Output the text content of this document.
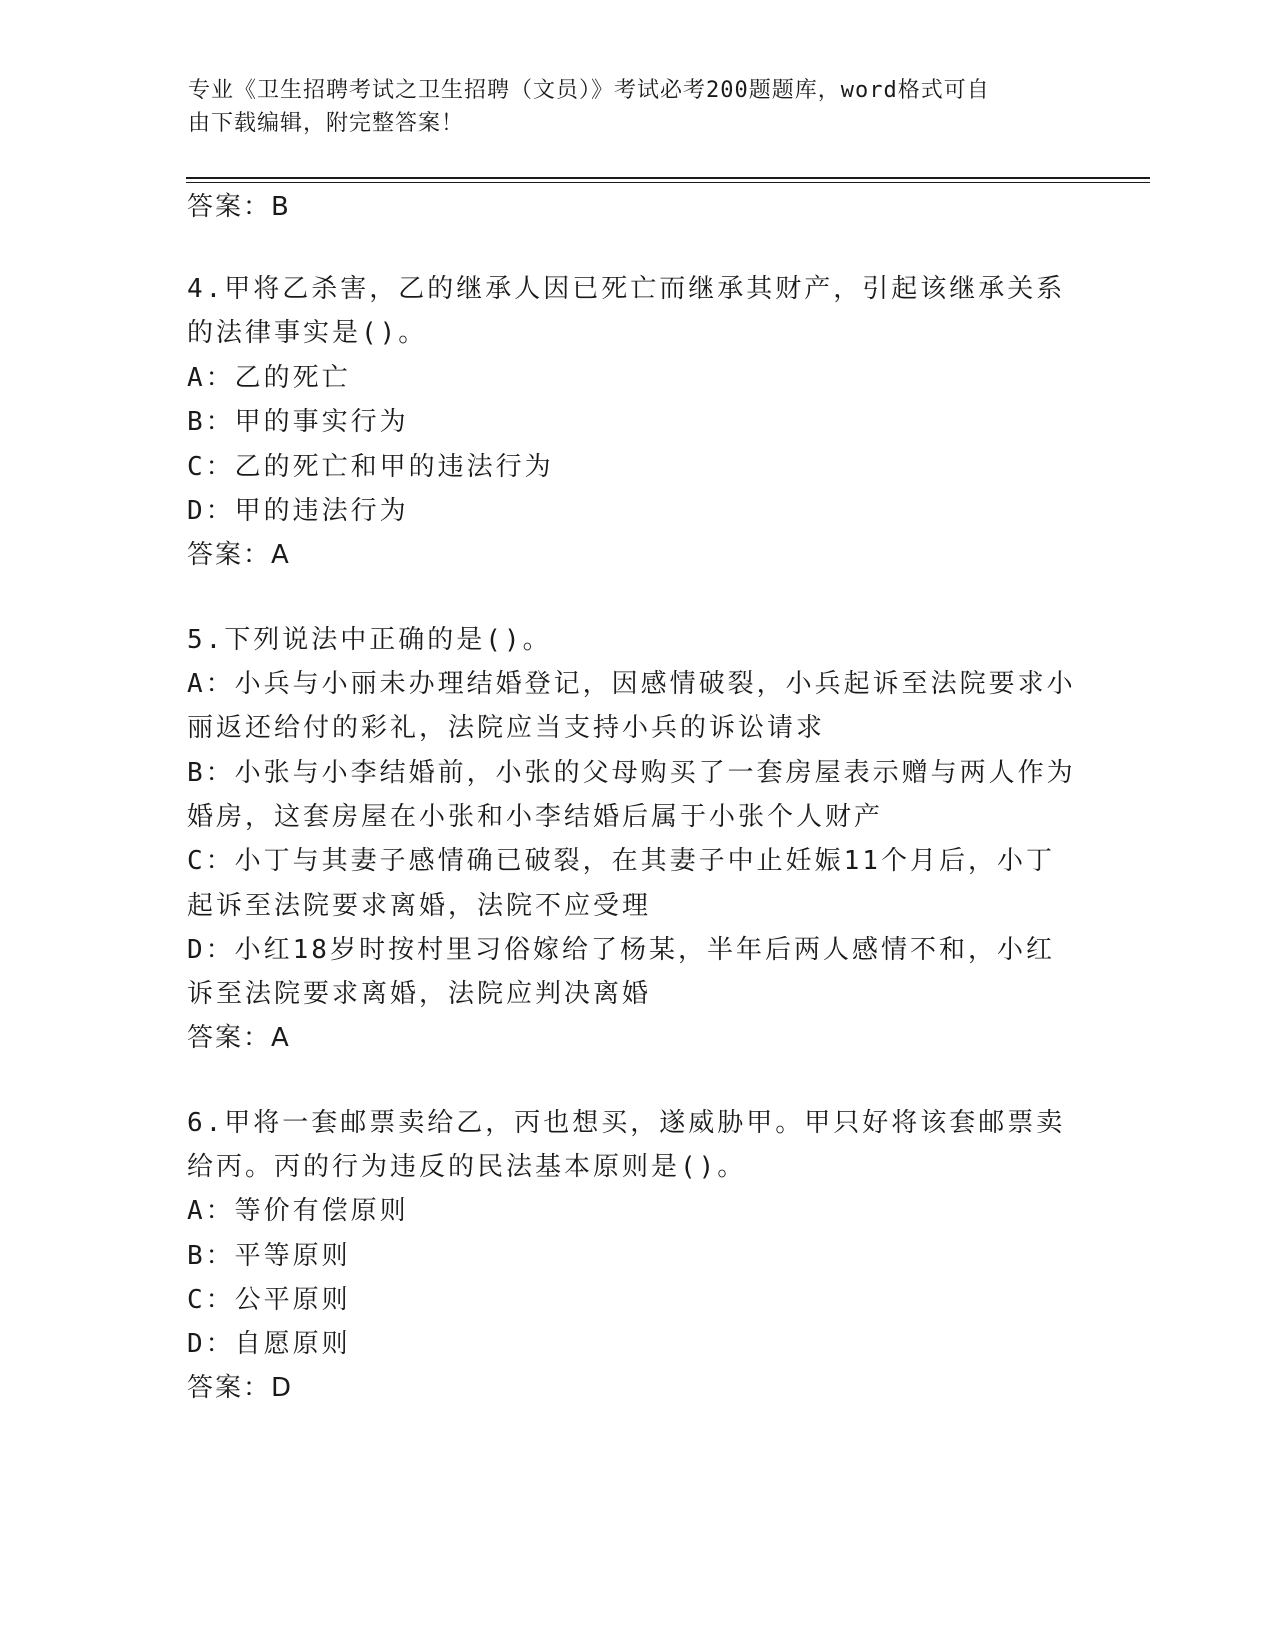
专业《卫生招聘考试之卫生招聘（文员）》考试必考200题题库，word格式可自
由下载编辑，附完整答案！
答案：B
4.甲将乙杀害，乙的继承人因已死亡而继承其财产，引起该继承关系
的法律事实是()。
A：乙的死亡
B：甲的事实行为
C：乙的死亡和甲的违法行为
D：甲的违法行为
答案：A
5.下列说法中正确的是()。
A：小兵与小丽未办理结婚登记，因感情破裂，小兵起诉至法院要求小
丽返还给付的彩礼，法院应当支持小兵的诉讼请求
B：小张与小李结婚前，小张的父母购买了一套房屋表示赠与两人作为
婚房，这套房屋在小张和小李结婚后属于小张个人财产
C：小丁与其妻子感情确已破裂，在其妻子中止妊娠11个月后，小丁
起诉至法院要求离婚，法院不应受理
D：小红18岁时按村里习俗嫁给了杨某，半年后两人感情不和，小红
诉至法院要求离婚，法院应判决离婚
答案：A
6.甲将一套邮票卖给乙，丙也想买，遂威胁甲。甲只好将该套邮票卖
给丙。丙的行为违反的民法基本原则是()。
A：等价有偿原则
B：平等原则
C：公平原则
D：自愿原则
答案：D
